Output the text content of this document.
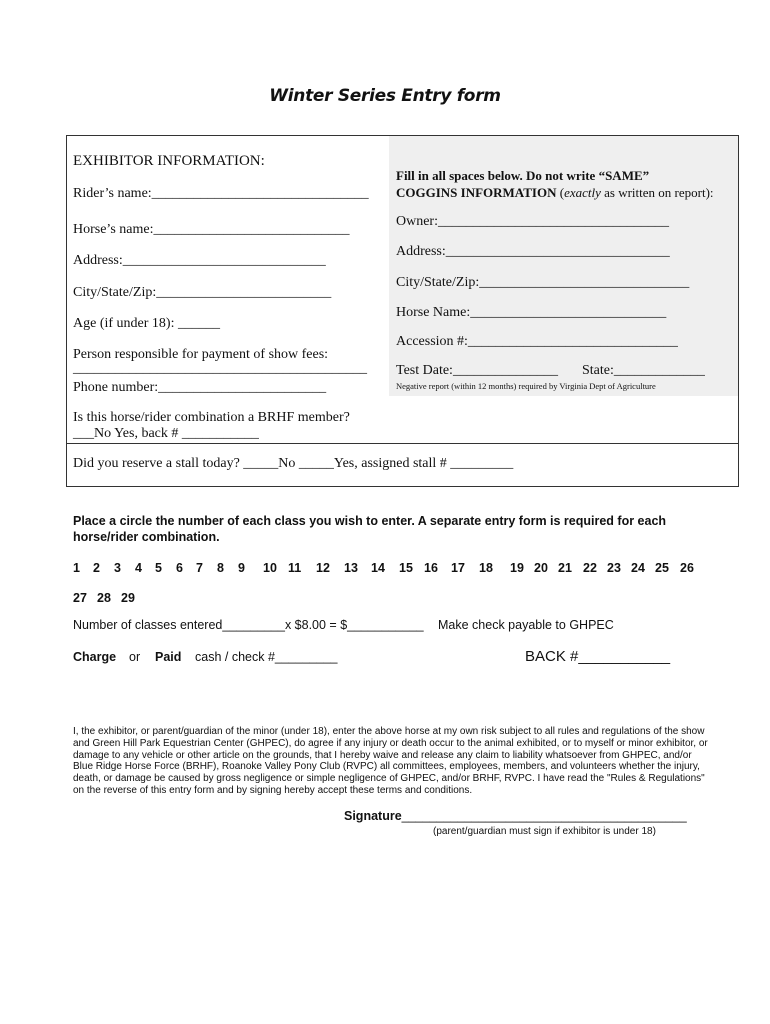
Winter Series Entry form
EXHIBITOR INFORMATION:
Rider’s name:_______________________________
Horse’s name:____________________________
Address:_____________________________
City/State/Zip:_________________________
Age (if under 18): ______
Person responsible for payment of show fees:
__________________________________________
Phone number:________________________
Is this horse/rider combination a BRHF member?
___No Yes, back # ___________
Did you reserve a stall today? _____No _____Yes, assigned stall # _________
Fill in all spaces below. Do not write “SAME”
COGGINS INFORMATION (exactly as written on report):
Owner:_________________________________
Address:________________________________
City/State/Zip:______________________________
Horse Name:____________________________
Accession #:______________________________
Test Date:_______________ State:_____________
Negative report (within 12 months) required by Virginia Dept of Agriculture
Place a circle the number of each class you wish to enter. A separate entry form is required for each
horse/rider combination.
1 2 3 4 5 6 7 8 9 10 11 12 13 14 15 16 17 18 19 20 21 22 23 24 25 26
27 28 29
Number of classes entered_________x $8.00 = $___________ Make check payable to GHPEC
Charge or Paid cash / check #_________	BACK #___________
I, the exhibitor, or parent/guardian of the minor (under 18), enter the above horse at my own risk subject to all rules and regulations of the show and Green Hill Park Equestrian Center (GHPEC), do agree if any injury or death occur to the animal exhibited, or to myself or minor exhibitor, or damage to any vehicle or other article on the grounds, that I hereby waive and release any claim to liability whatsoever from GHPEC, and/or Blue Ridge Horse Force (BRHF), Roanoke Valley Pony Club (RVPC) all committees, employees, members, and volunteers whether the injury, death, or damage be caused by gross negligence or simple negligence of GHPEC, and/or BRHF, RVPC. I have read the "Rules & Regulations" on the reverse of this entry form and by signing hereby accept these terms and conditions.
Signature_________________________________________
(parent/guardian must sign if exhibitor is under 18)
